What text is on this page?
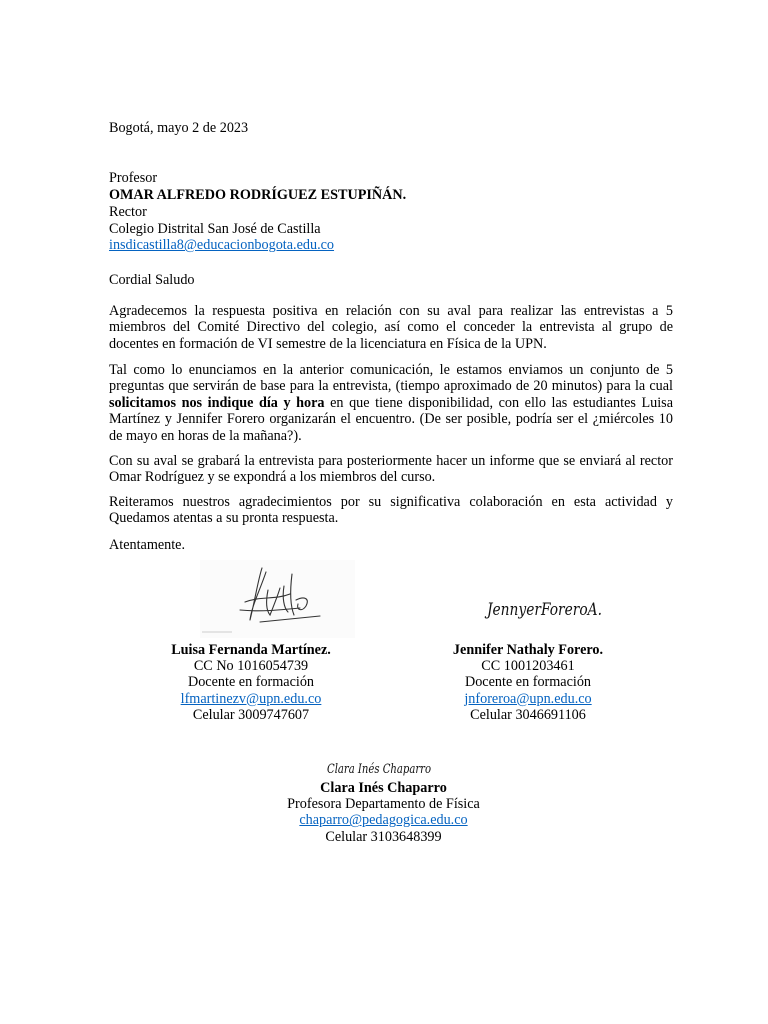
Bogotá, mayo 2 de 2023
Profesor
OMAR ALFREDO RODRÍGUEZ ESTUPIÑÁN.
Rector
Colegio Distrital San José de Castilla
insdicastilla8@educacionbogota.edu.co
Cordial Saludo
Agradecemos la respuesta positiva en relación con su aval para realizar las entrevistas a 5 miembros del Comité Directivo del colegio, así como el conceder la entrevista al grupo de docentes en formación de VI semestre de la licenciatura en Física de la UPN.
Tal como lo enunciamos en la anterior comunicación, le estamos enviamos un conjunto de 5 preguntas que servirán de base para la entrevista, (tiempo aproximado de 20 minutos) para la cual solicitamos nos indique día y hora en que tiene disponibilidad, con ello las estudiantes Luisa Martínez y Jennifer Forero organizarán el encuentro. (De ser posible, podría ser el ¿miércoles 10 de mayo en horas de la mañana?).
Con su aval se grabará la entrevista para posteriormente hacer un informe que se enviará al rector Omar Rodríguez y se expondrá a los miembros del curso.
Reiteramos nuestros agradecimientos por su significativa colaboración en esta actividad y Quedamos atentas a su pronta respuesta.
Atentamente.
JennyerForeroA.
Luisa Fernanda Martínez.
CC No 1016054739
Docente en formación
lfmartinezv@upn.edu.co
Celular 3009747607
Jennifer Nathaly Forero.
CC 1001203461
Docente en formación
jnforeroa@upn.edu.co
Celular 3046691106
Clara Inés Chaparro
Clara Inés Chaparro
Profesora Departamento de Física
chaparro@pedagogica.edu.co
Celular 3103648399
